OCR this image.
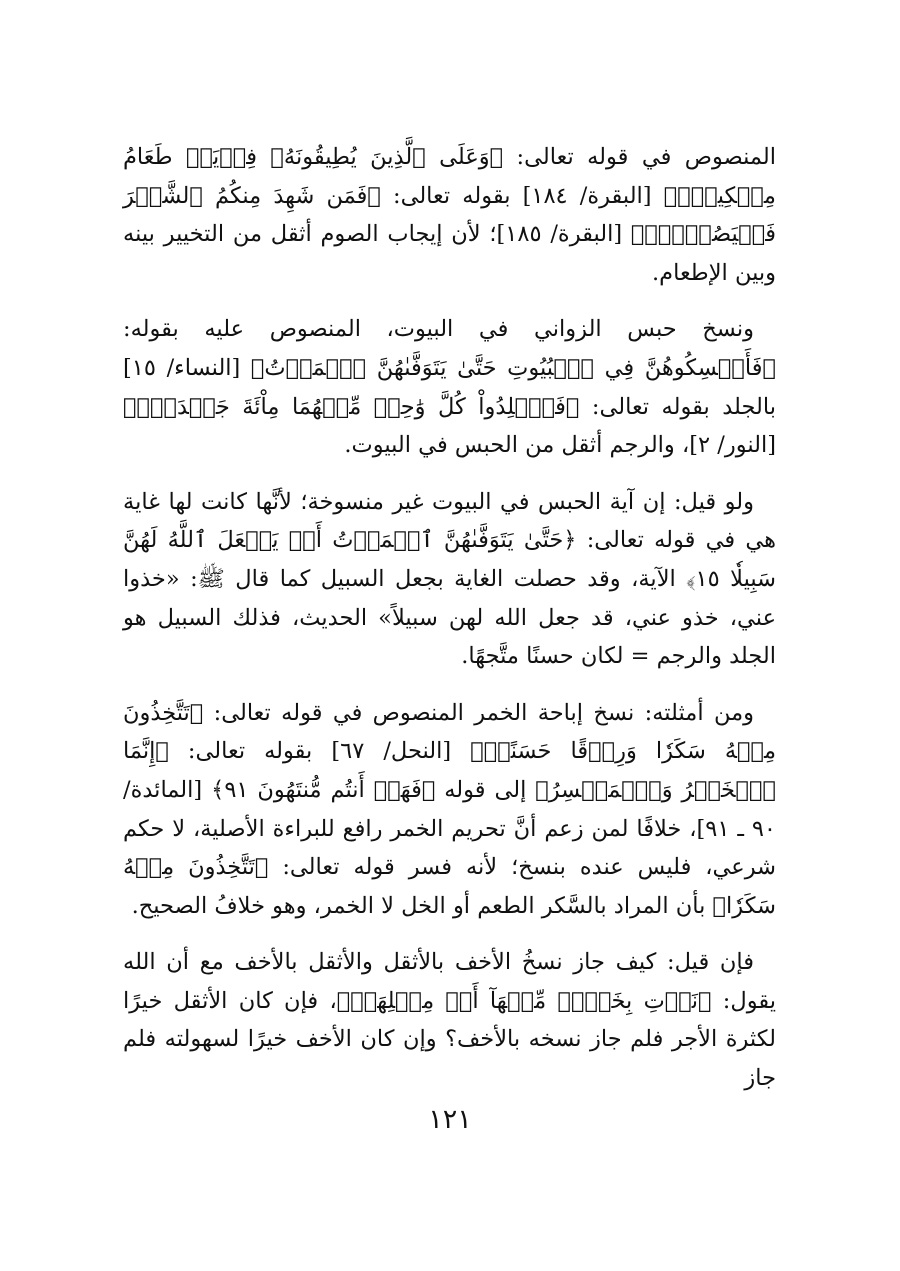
المنصوص في قوله تعالى: ﴿وَعَلَى ٱلَّذِينَ يُطِيقُونَهُۥ فِدۡيَةٞ طَعَامُ مِسۡكِينٖۖ﴾ [البقرة/ ١٨٤] بقوله تعالى: ﴿فَمَن شَهِدَ مِنكُمُ ٱلشَّهۡرَ فَلۡيَصُمۡهُۖ﴾ [البقرة/ ١٨٥]؛ لأن إيجاب الصوم أثقل من التخيير بينه وبين الإطعام.

ونسخ حبس الزواني في البيوت، المنصوص عليه بقوله: ﴿فَأَمۡسِكُوهُنَّ فِي ٱلۡبُيُوتِ حَتَّىٰ يَتَوَفَّىٰهُنَّ ٱلۡمَوۡتُ﴾ [النساء/ ١٥] بالجلد بقوله تعالى: ﴿فَٱجۡلِدُواْ كُلَّ وَٰحِدٖ مِّنۡهُمَا مِاْئَةَ جَلۡدَةٖۖ﴾ [النور/ ٢]، والرجم أثقل من الحبس في البيوت.

ولو قيل: إن آية الحبس في البيوت غير منسوخة؛ لأنَّها كانت لها غاية هي في قوله تعالى: ﴿حَتَّىٰ يَتَوَفَّىٰهُنَّ ٱلۡمَوۡتُ أَوۡ يَجۡعَلَ ٱللَّهُ لَهُنَّ سَبِيلٗا ١٥﴾ الآية، وقد حصلت الغاية بجعل السبيل كما قال ﷺ: «خذوا عني، خذو عني، قد جعل الله لهن سبيلاً» الحديث، فذلك السبيل هو الجلد والرجم = لكان حسنًا متَّجهًا.

ومن أمثلته: نسخ إباحة الخمر المنصوص في قوله تعالى: ﴿تَتَّخِذُونَ مِنۡهُ سَكَرٗا وَرِزۡقًا حَسَنًاۚ﴾ [النحل/ ٦٧] بقوله تعالى: ﴿إِنَّمَا ٱلۡخَمۡرُ وَٱلۡمَيۡسِرُ﴾ إلى قوله ﴿فَهَلۡ أَنتُم مُّنتَهُونَ ٩١﴾ [المائدة/ ٩٠ ـ ٩١]، خلافًا لمن زعم أنَّ تحريم الخمر رافع للبراءة الأصلية، لا حكم شرعي، فليس عنده بنسخ؛ لأنه فسر قوله تعالى: ﴿تَتَّخِذُونَ مِنۡهُ سَكَرٗا﴾ بأن المراد بالسَّكر الطعم أو الخل لا الخمر، وهو خلافُ الصحيح.

فإن قيل: كيف جاز نسخُ الأخف بالأثقل والأثقل بالأخف مع أن الله يقول: ﴿نَأۡتِ بِخَيۡرٖ مِّنۡهَآ أَوۡ مِثۡلِهَآۗ﴾، فإن كان الأثقل خيرًا لكثرة الأجر فلم جاز نسخه بالأخف؟ وإن كان الأخف خيرًا لسهولته فلم جاز

١٢١
